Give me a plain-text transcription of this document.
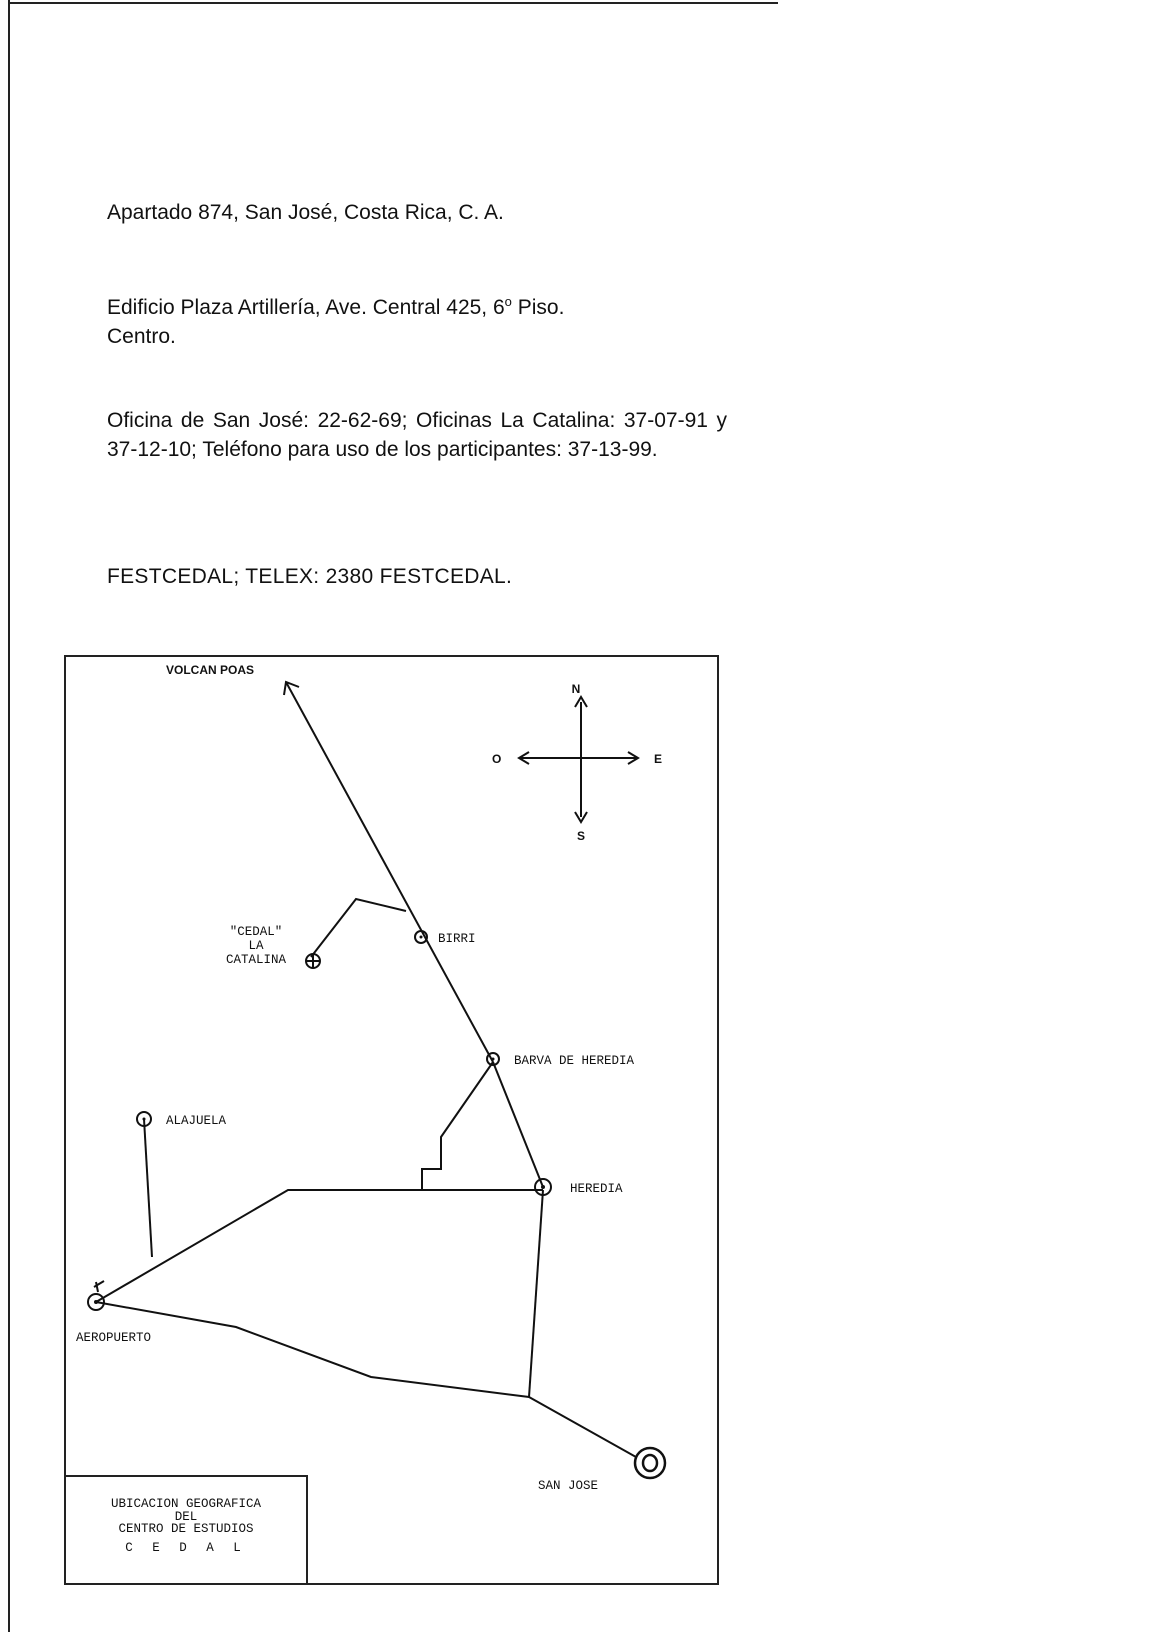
Apartado 874, San José, Costa Rica, C. A.
Edificio Plaza Artillería, Ave. Central 425, 6$^o$ Piso.
Centro.
Oficina de San José: 22-62-69; Oficinas La Catalina: 37-07-91 y 37-12-10; Teléfono para uso de los participantes: 37-13-99.
FESTCEDAL; TELEX: 2380 FESTCEDAL.
VOLCAN POAS
N
S
E
O
"CEDAL"
LA
CATALINA
BIRRI
BARVA DE HEREDIA
ALAJUELA
HEREDIA
AEROPUERTO
SAN JOSE
UBICACION GEOGRAFICA
DEL
CENTRO DE ESTUDIOS
C E D A L
